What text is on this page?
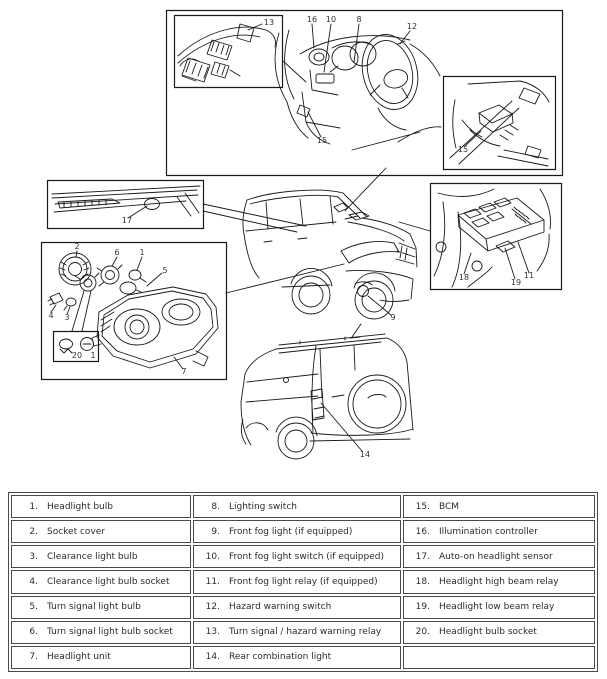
13	16 10	8
12
15
15
17
2
6 1
5
4 3
20 1
7
9
18
19
11
14
1. Headlight bulb
2. Socket cover
3. Clearance light bulb
4. Clearance light bulb socket
5. Turn signal light bulb
6. Turn signal light bulb socket
7. Headlight unit
8. Lighting switch
9. Front fog light (if equipped)
10. Front fog light switch (if equipped)
11. Front fog light relay (if equipped)
12. Hazard warning switch
13. Turn signal / hazard warning relay
14. Rear combination light
15. BCM
16. Illumination controller
17. Auto-on headlight sensor
18. Headlight high beam relay
19. Headlight low beam relay
20. Headlight bulb socket
